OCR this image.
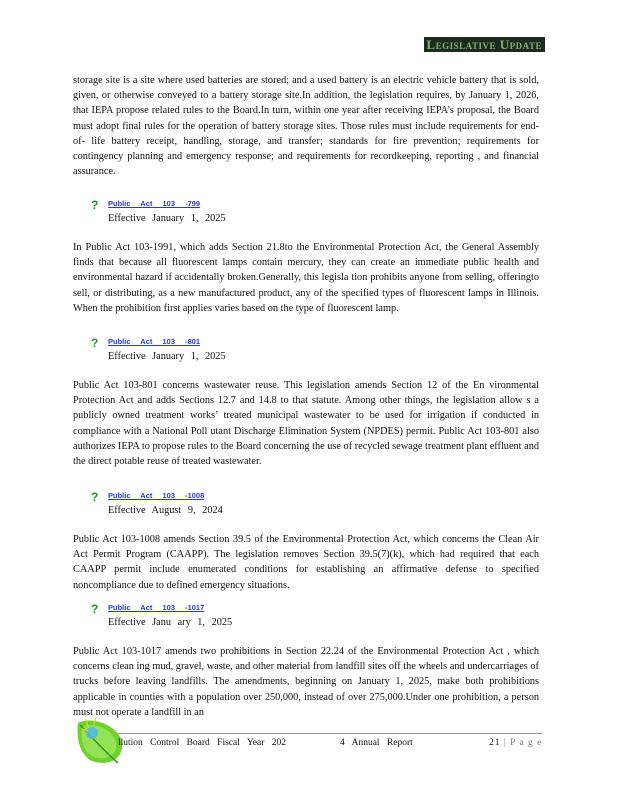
Legislative Update

storage site is a site where used batteries are stored; and a used battery is an electric vehicle battery that is sold, given, or otherwise conveyed to a battery storage site.In addition, the legislation requires, by January 1, 2026, that IEPA propose related rules to the Board.In turn, within one year after receiving IEPA’s proposal, the Board must adopt final rules for the operation of battery storage sites. Those rules must include requirements for end-of- life battery receipt, handling, storage, and transfer; standards for fire prevention; requirements for contingency planning and emergency response; and requirements for recordkeeping, reporting , and financial assurance.

? Public Act 103 -799
Effective January 1, 2025

In Public Act 103-1991, which adds Section 21.8to the Environmental Protection Act, the General Assembly finds that because all fluorescent lamps contain mercury, they can create an immediate public health and environmental hazard if accidentally broken.Generally, this legisla tion prohibits anyone from selling, offeringto sell, or distributing, as a new manufactured product, any of the specified types of fluorescent lamps in Illinois. When the prohibition first applies varies based on the type of fluorescent lamp.

? Public Act 103 -801
Effective January 1, 2025

Public Act 103-801 concerns wastewater reuse. This legislation amends Section 12 of the En vironmental Protection Act and adds Sections 12.7 and 14.8 to that statute. Among other things, the legislation allow s a publicly owned treatment works’ treated municipal wastewater to be used for irrigation if conducted in compliance with a National Poll utant Discharge Elimination System (NPDES) permit. Public Act 103-801 also authorizes IEPA to propose rules to the Board concerning the use of recycled sewage treatment plant effluent and the direct potable reuse of treated wastewater.

? Public Act 103 -1008
Effective August 9, 2024

Public Act 103-1008 amends Section 39.5 of the Environmental Protection Act, which concerns the Clean Air Act Permit Program (CAAPP). The legislation removes Section 39.5(7)(k), which had required that each CAAPP permit include enumerated conditions for establishing an affirmative defense to specified noncompliance due to defined emergency situations.

? Public Act 103 -1017
Effective Janu ary 1, 2025

Public Act 103-1017 amends two prohibitions in Section 22.24 of the Environmental Protection Act , which concerns clean ing mud, gravel, waste, and other material from landfill sites off the wheels and undercarriages of trucks before leaving landfills. The amendments, beginning on January 1, 2025, make both prohibitions applicable in counties with a population over 250,000, instead of over 275,000.Under one prohibition, a person must not operate a landfill in an

llution Control Board Fiscal Year 202	4 Annual Report	21 | P a g e
